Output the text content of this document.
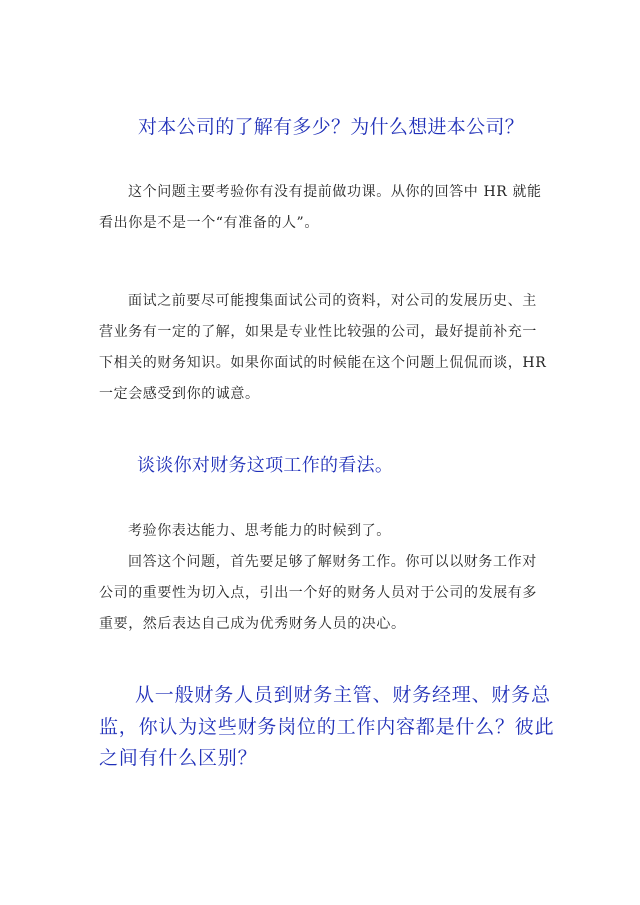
对本公司的了解有多少？为什么想进本公司？
这个问题主要考验你有没有提前做功课。从你的回答中 HR 就能
看出你是不是一个“有准备的人”。
面试之前要尽可能搜集面试公司的资料，对公司的发展历史、主
营业务有一定的了解，如果是专业性比较强的公司，最好提前补充一
下相关的财务知识。如果你面试的时候能在这个问题上侃侃而谈，HR
一定会感受到你的诚意。
谈谈你对财务这项工作的看法。
考验你表达能力、思考能力的时候到了。
回答这个问题，首先要足够了解财务工作。你可以以财务工作对
公司的重要性为切入点，引出一个好的财务人员对于公司的发展有多
重要，然后表达自己成为优秀财务人员的决心。
从一般财务人员到财务主管、财务经理、财务总
监，你认为这些财务岗位的工作内容都是什么？彼此
之间有什么区别？
